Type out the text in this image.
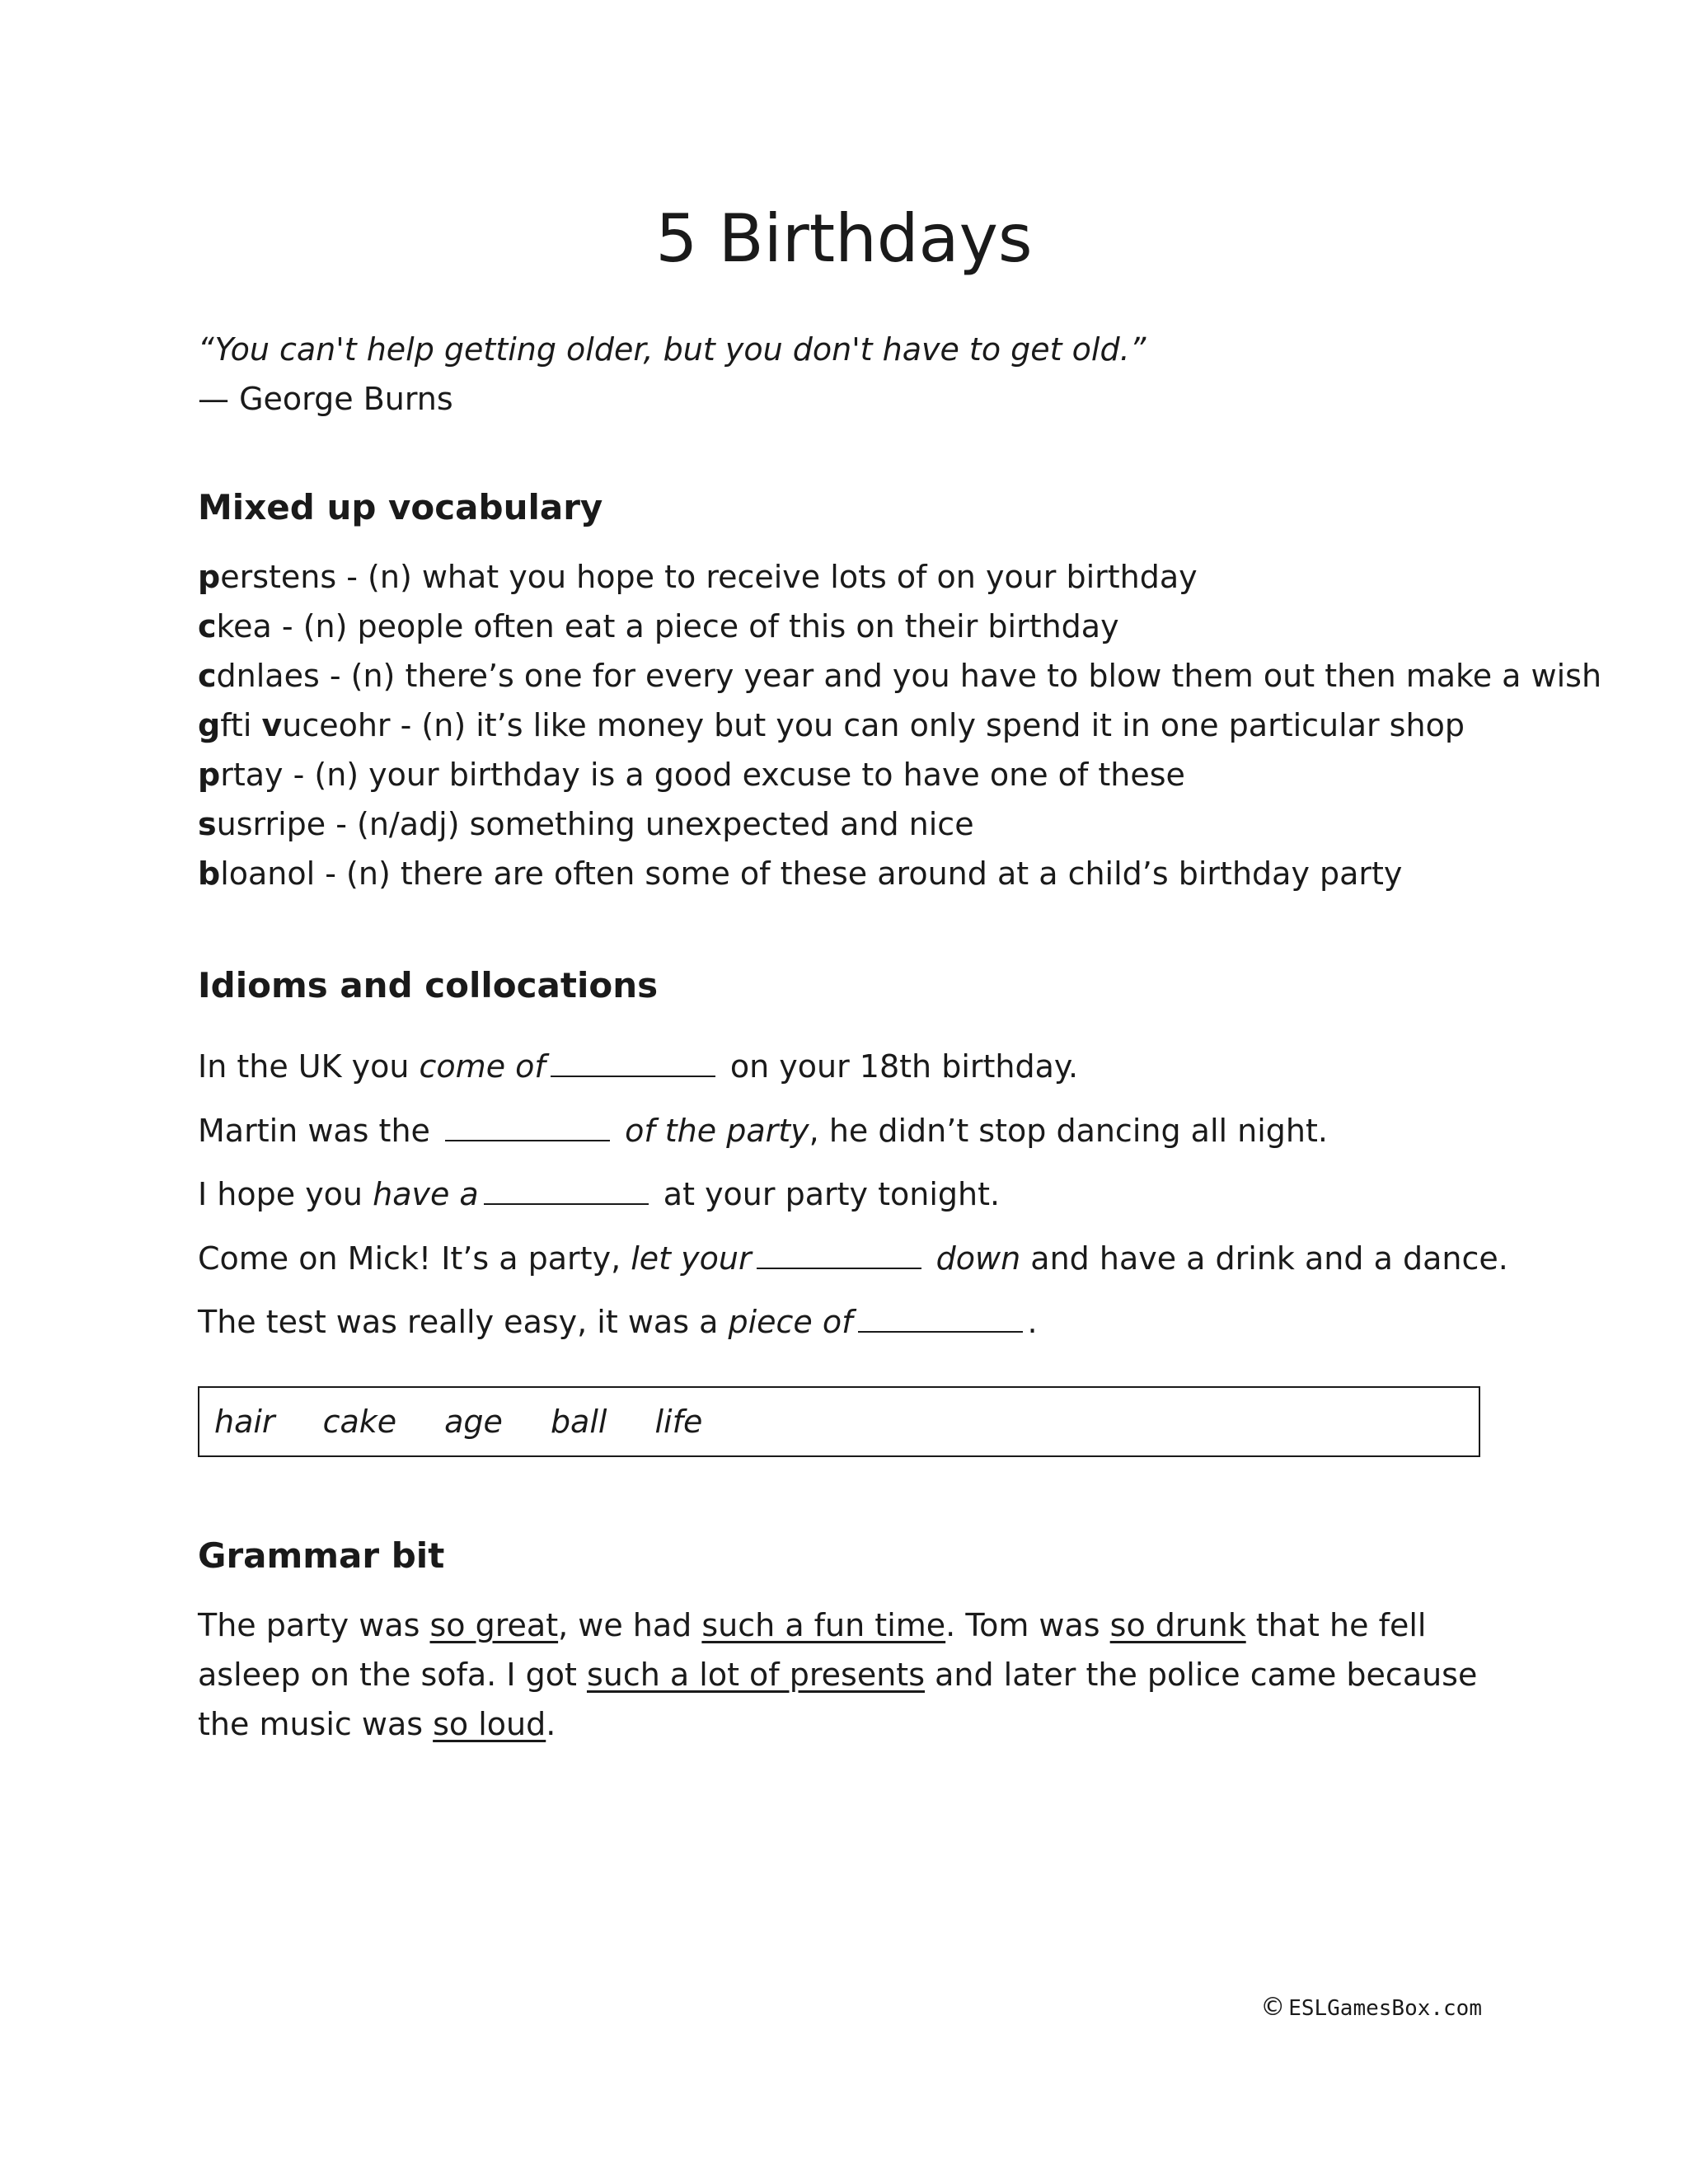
5 Birthdays

“You can't help getting older, but you don't have to get old.”

— George Burns

Mixed up vocabulary
perstens - (n) what you hope to receive lots of on your birthday
ckea - (n) people often eat a piece of this on their birthday
cdnlaes - (n) there’s one for every year and you have to blow them out then make a wish
gfti vuceohr - (n) it’s like money but you can only spend it in one particular shop
prtay - (n) your birthday is a good excuse to have one of these
susrripe - (n/adj) something unexpected and nice
bloanol - (n) there are often some of these around at a child’s birthday party
Idioms and collocations
In the UK you come of	on your 18th birthday.
Martin was the	of the party, he didn’t stop dancing all night.
I hope you have a	at your party tonight.
Come on Mick! It’s a party, let your	down and have a drink and a dance.
The test was really easy, it was a piece of	.
hair cake age ball life
Grammar bit

The party was so great, we had such a fun time. Tom was so drunk that he fell asleep on the sofa. I got such a lot of presents and later the police came because the music was so loud.

© ESLGamesBox.com
